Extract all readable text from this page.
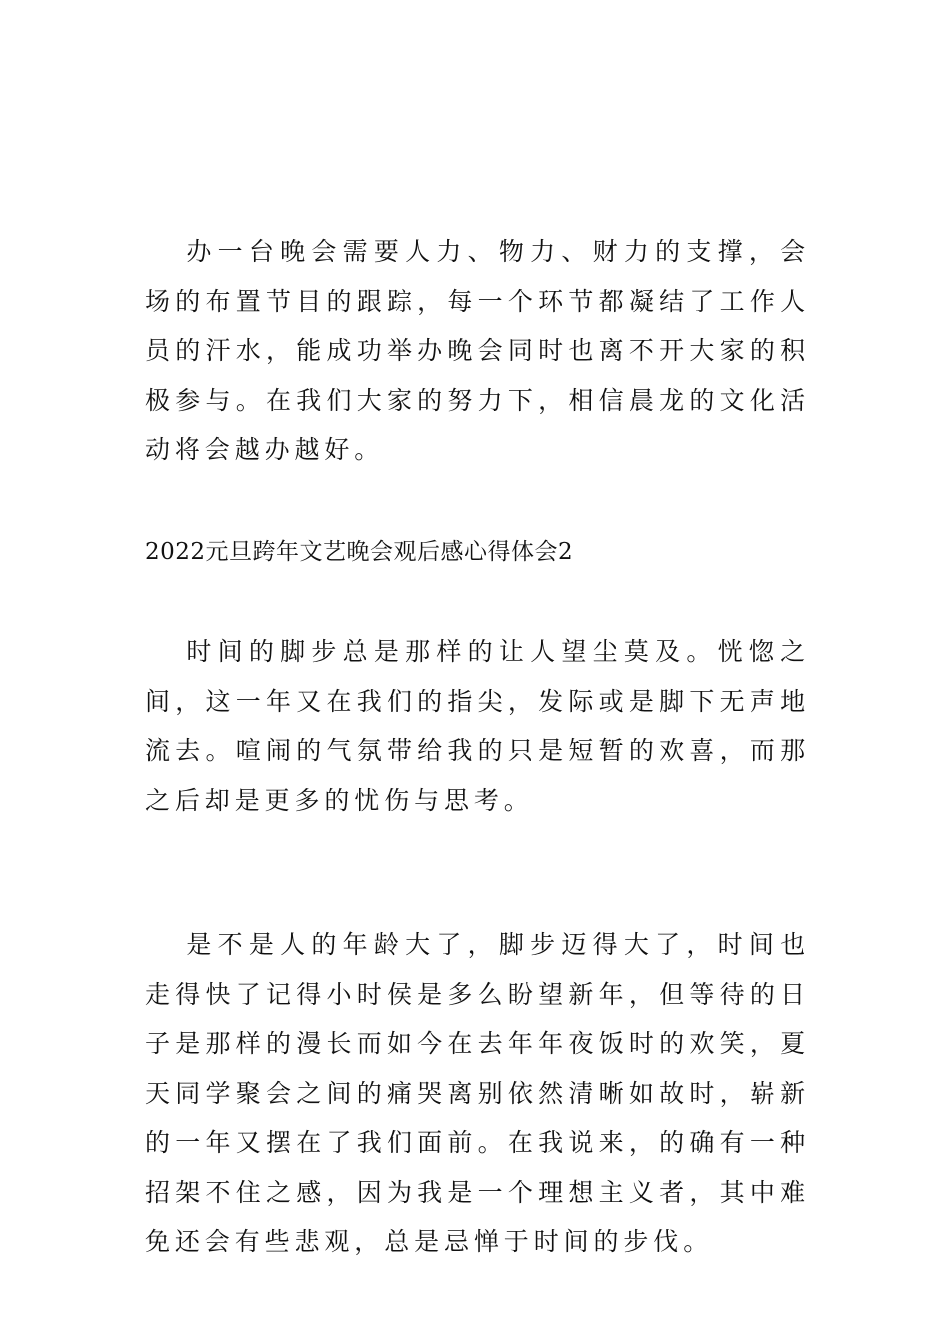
办一台晚会需要人力、物力、财力的支撑，会场的布置节目的跟踪，每一个环节都凝结了工作人员的汗水，能成功举办晚会同时也离不开大家的积极参与。在我们大家的努力下，相信晨龙的文化活动将会越办越好。

2022元旦跨年文艺晚会观后感心得体会2

时间的脚步总是那样的让人望尘莫及。恍惚之间，这一年又在我们的指尖，发际或是脚下无声地流去。喧闹的气氛带给我的只是短暂的欢喜，而那之后却是更多的忧伤与思考。

是不是人的年龄大了，脚步迈得大了，时间也走得快了记得小时侯是多么盼望新年，但等待的日子是那样的漫长而如今在去年年夜饭时的欢笑，夏天同学聚会之间的痛哭离别依然清晰如故时，崭新的一年又摆在了我们面前。在我说来，的确有一种招架不住之感，因为我是一个理想主义者，其中难免还会有些悲观，总是忌惮于时间的步伐。
